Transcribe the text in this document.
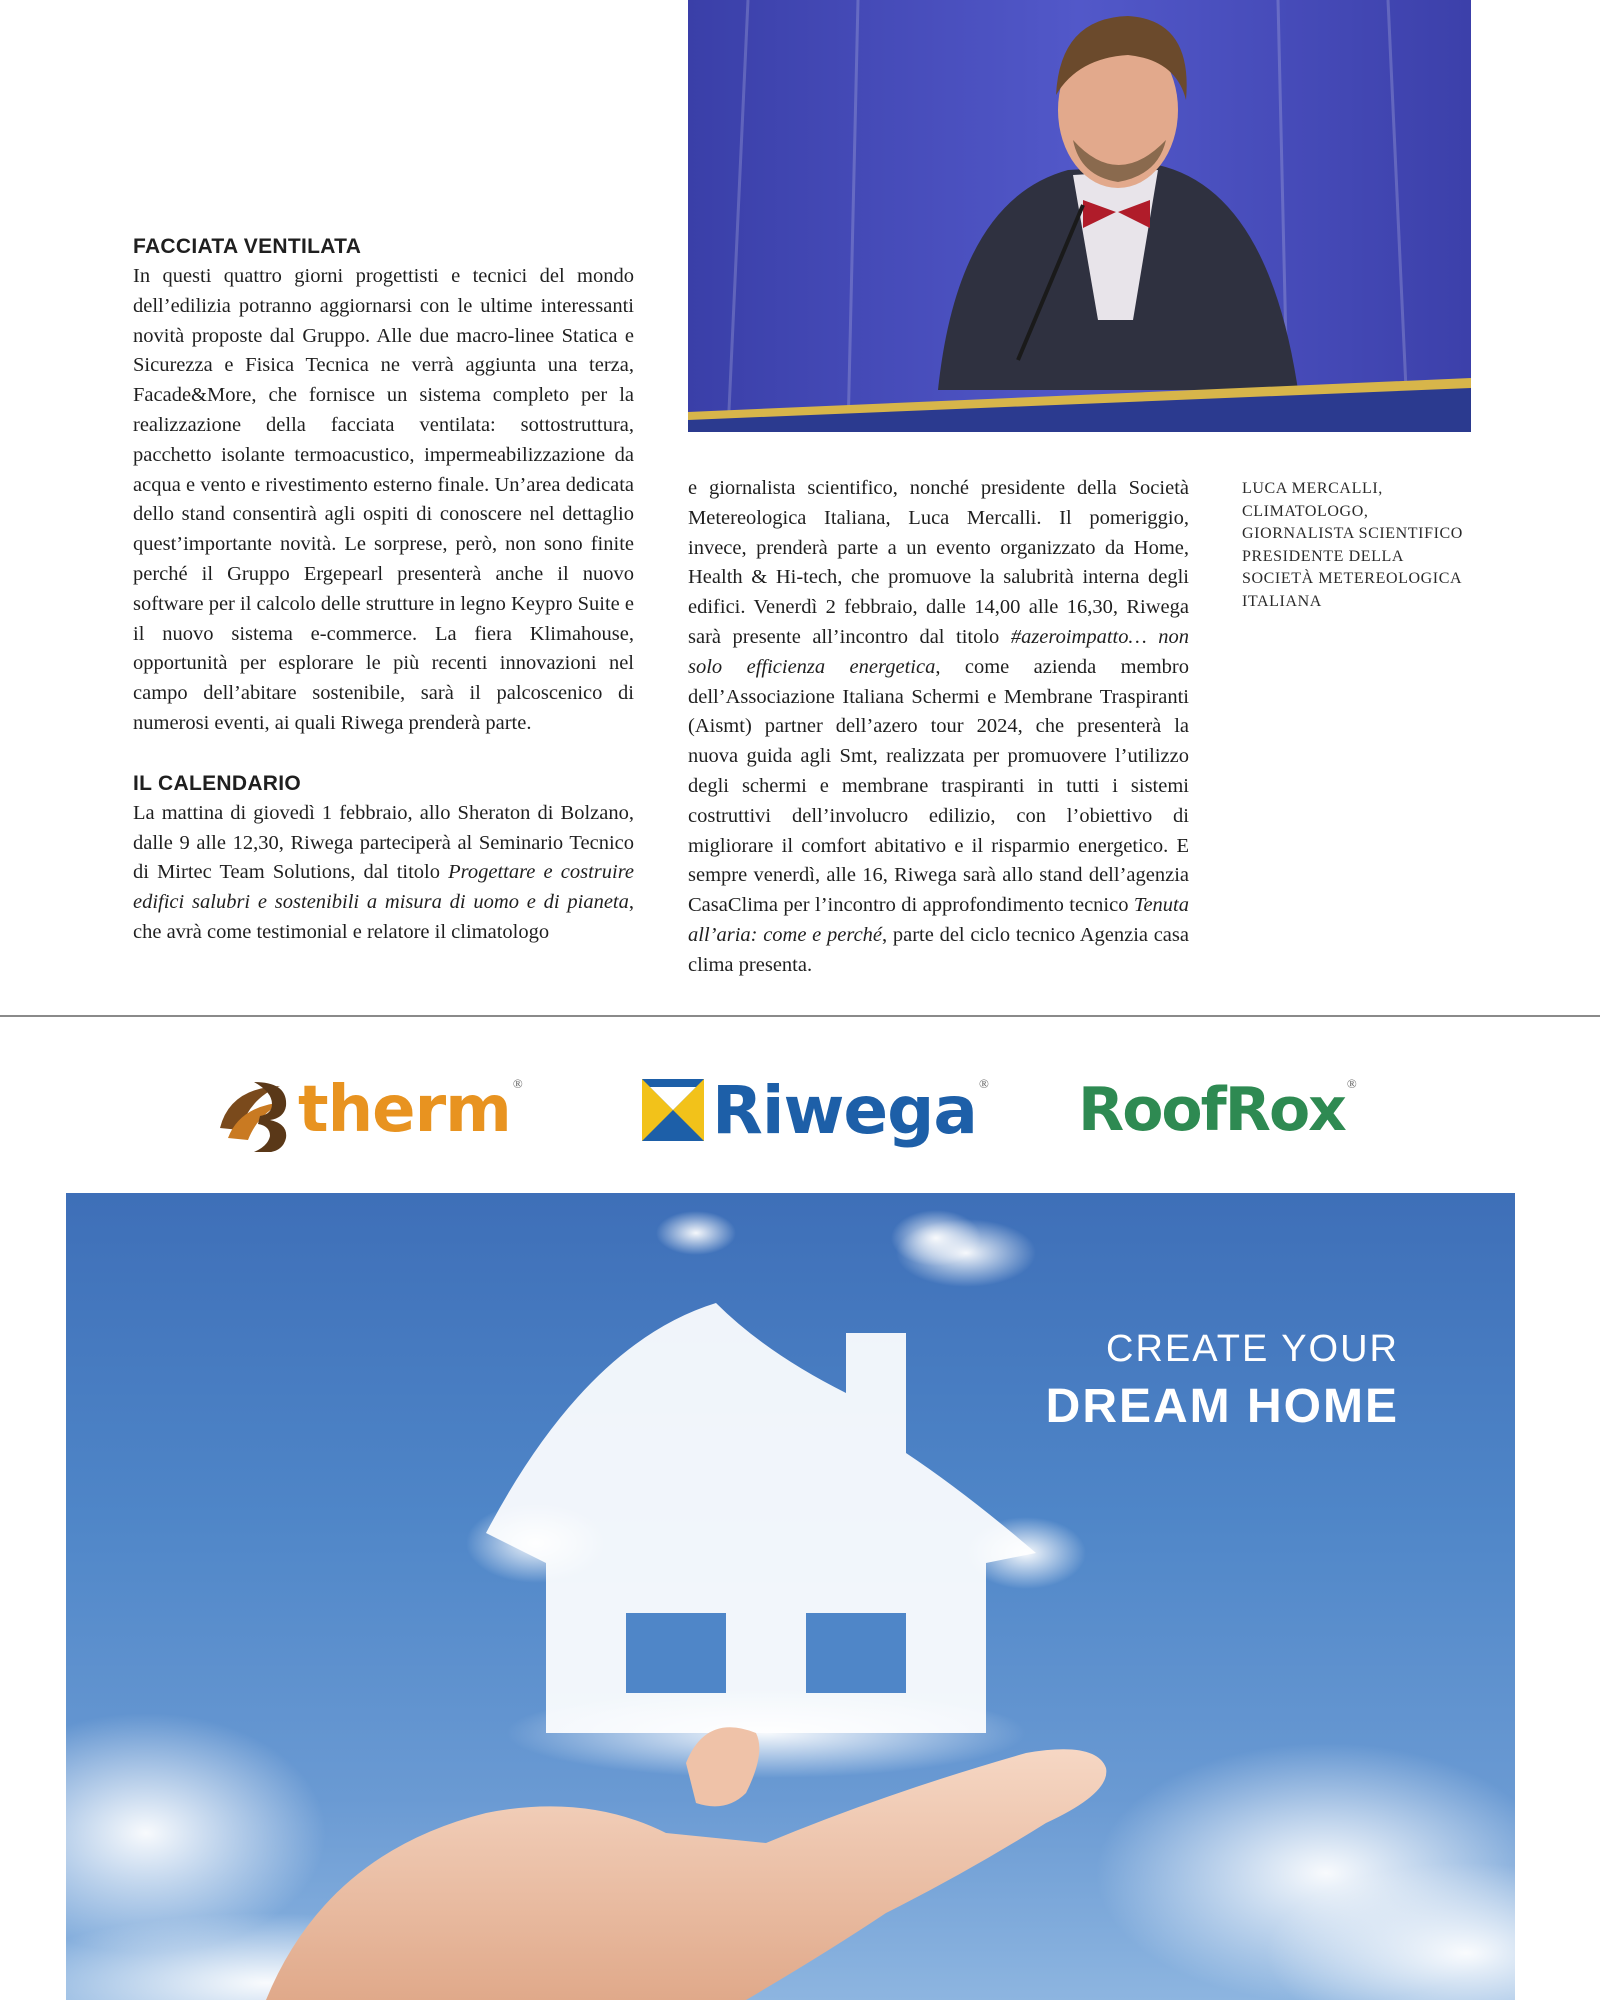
FACCIATA VENTILATA

In questi quattro giorni progettisti e tecnici del mondo dell’edilizia potranno aggiornarsi con le ultime interessanti novità proposte dal Gruppo. Alle due macro-linee Statica e Sicurezza e Fisica Tecnica ne verrà aggiunta una terza, Facade&More, che fornisce un sistema completo per la realizzazione della facciata ventilata: sottostruttura, pacchetto isolante termoacustico, impermeabilizzazione da acqua e vento e rivestimento esterno finale. Un’area dedicata dello stand consentirà agli ospiti di conoscere nel dettaglio quest’importante novità. Le sorprese, però, non sono finite perché il Gruppo Ergepearl presenterà anche il nuovo software per il calcolo delle strutture in legno Keypro Suite e il nuovo sistema e-commerce. La fiera Klimahouse, opportunità per esplorare le più recenti innovazioni nel campo dell’abitare sostenibile, sarà il palcoscenico di numerosi eventi, ai quali Riwega prenderà parte.

IL CALENDARIO

La mattina di giovedì 1 febbraio, allo Sheraton di Bolzano, dalle 9 alle 12,30, Riwega parteciperà al Seminario Tecnico di Mirtec Team Solutions, dal titolo Progettare e costruire edifici salubri e sostenibili a misura di uomo e di pianeta, che avrà come testimonial e relatore il climatologo

e giornalista scientifico, nonché presidente della Società Metereologica Italiana, Luca Mercalli. Il pomeriggio, invece, prenderà parte a un evento organizzato da Home, Health & Hi-tech, che promuove la salubrità interna degli edifici. Venerdì 2 febbraio, dalle 14,00 alle 16,30, Riwega sarà presente all’incontro dal titolo #azeroimpatto… non solo efficienza energetica, come azienda membro dell’Associazione Italiana Schermi e Membrane Traspiranti (Aismt) partner dell’azero tour 2024, che presenterà la nuova guida agli Smt, realizzata per promuovere l’utilizzo degli schermi e membrane traspiranti in tutti i sistemi costruttivi dell’involucro edilizio, con l’obiettivo di migliorare il comfort abitativo e il risparmio energetico. E sempre venerdì, alle 16, Riwega sarà allo stand dell’agenzia CasaClima per l’incontro di approfondimento tecnico Tenuta all’aria: come e perché, parte del ciclo tecnico Agenzia casa clima presenta.

LUCA MERCALLI, CLIMATOLOGO, GIORNALISTA SCIENTIFICO PRESIDENTE DELLA SOCIETÀ METEREOLOGICA ITALIANA
therm ®	Riwega ® RoofRox ®
CREATE YOUR
DREAM HOME
